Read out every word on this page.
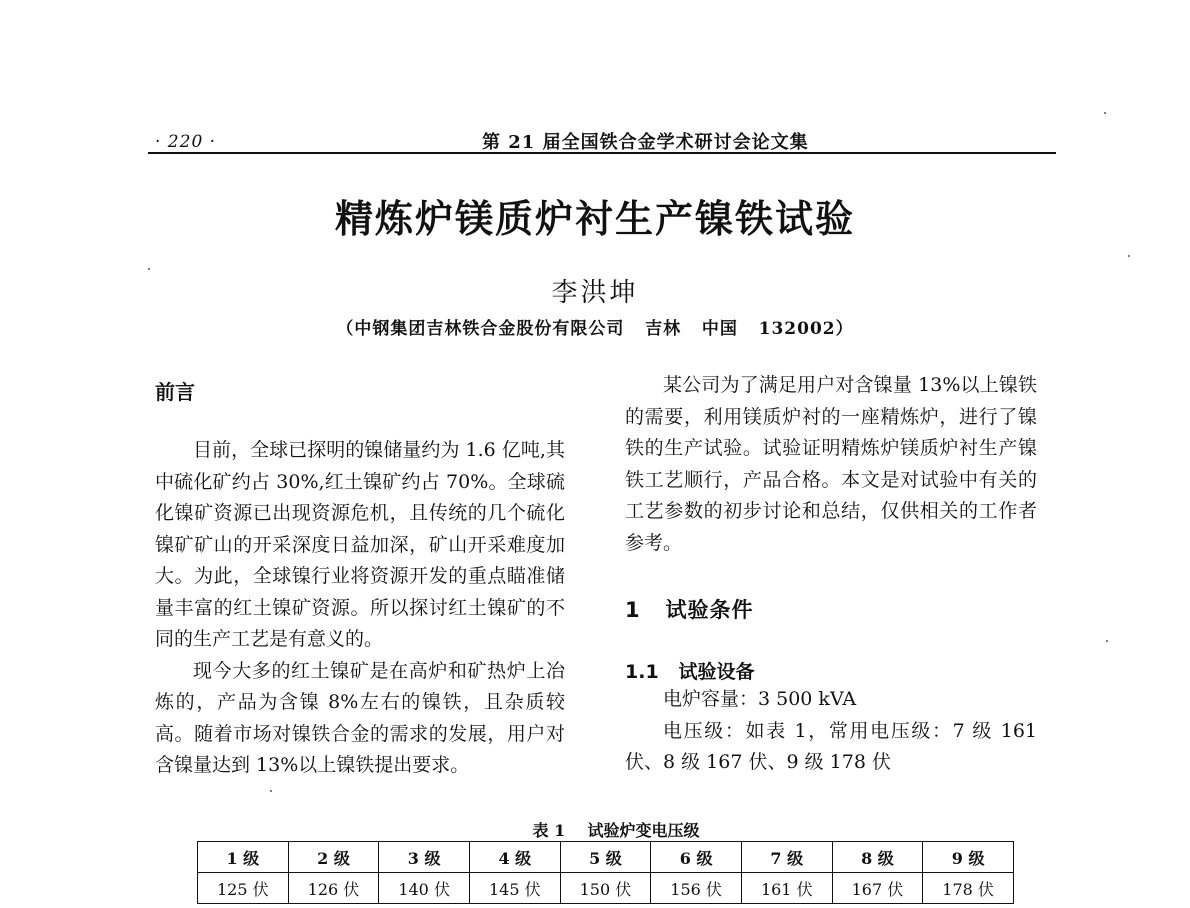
· 220 ·	第 21 届全国铁合金学术研讨会论文集
精炼炉镁质炉衬生产镍铁试验
李洪坤
（中钢集团吉林铁合金股份有限公司   吉林   中国   132002）
前言

目前，全球已探明的镍储量约为 1.6 亿吨,其中硫化矿约占 30%,红土镍矿约占 70%。全球硫化镍矿资源已出现资源危机，且传统的几个硫化镍矿矿山的开采深度日益加深，矿山开采难度加大。为此，全球镍行业将资源开发的重点瞄准储量丰富的红土镍矿资源。所以探讨红土镍矿的不同的生产工艺是有意义的。

现今大多的红土镍矿是在高炉和矿热炉上冶炼的，产品为含镍 8%左右的镍铁，且杂质较高。随着市场对镍铁合金的需求的发展，用户对含镍量达到 13%以上镍铁提出要求。

某公司为了满足用户对含镍量 13%以上镍铁的需要，利用镁质炉衬的一座精炼炉，进行了镍铁的生产试验。试验证明精炼炉镁质炉衬生产镍铁工艺顺行，产品合格。本文是对试验中有关的工艺参数的初步讨论和总结，仅供相关的工作者参考。

1   试验条件
1.1   试验设备

电炉容量：3 500 kVA

电压级：如表 1，常用电压级：7 级 161 伏、8 级 167 伏、9 级 178 伏

表 1    试验炉变电压级
1 级	2 级	3 级	4 级	5 级	6 级	7 级	8 级	9 级
125 伏	126 伏	140 伏	145 伏	150 伏	156 伏	161 伏	167 伏	178 伏
